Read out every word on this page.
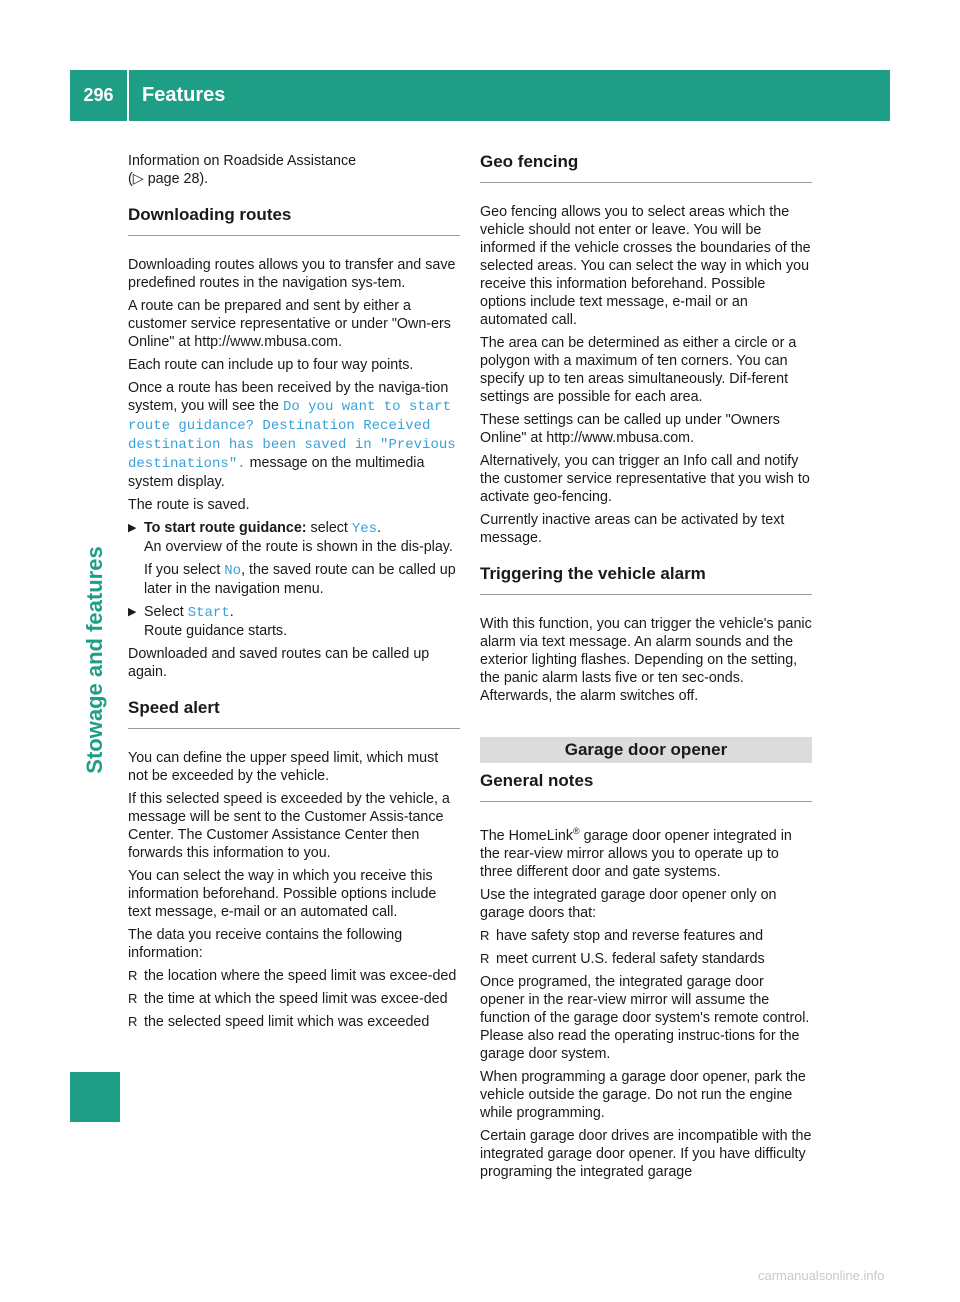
296	Features
Stowage and features

Information on Roadside Assistance

(▷ page 28).

Downloading routes

Downloading routes allows you to transfer and save predefined routes in the navigation sys-tem.

A route can be prepared and sent by either a customer service representative or under "Own-ers Online" at http://www.mbusa.com.

Each route can include up to four way points.

Once a route has been received by the naviga-tion system, you will see the Do you want to start route guidance? Destination Received destination has been saved in "Previous destinations". message on the multimedia system display.

The route is saved.

▶ To start route guidance: select Yes.
An overview of the route is shown in the dis-play.
If you select No, the saved route can be called up later in the navigation menu.
▶ Select Start.
Route guidance starts.

Downloaded and saved routes can be called up again.

Speed alert

You can define the upper speed limit, which must not be exceeded by the vehicle.

If this selected speed is exceeded by the vehicle, a message will be sent to the Customer Assis-tance Center. The Customer Assistance Center then forwards this information to you.

You can select the way in which you receive this information beforehand. Possible options include text message, e-mail or an automated call.

The data you receive contains the following information:

R the location where the speed limit was excee-ded
R the time at which the speed limit was excee-ded
R the selected speed limit which was exceeded
Geo fencing

Geo fencing allows you to select areas which the vehicle should not enter or leave. You will be informed if the vehicle crosses the boundaries of the selected areas. You can select the way in which you receive this information beforehand. Possible options include text message, e-mail or an automated call.

The area can be determined as either a circle or a polygon with a maximum of ten corners. You can specify up to ten areas simultaneously. Dif-ferent settings are possible for each area.

These settings can be called up under "Owners Online" at http://www.mbusa.com.

Alternatively, you can trigger an Info call and notify the customer service representative that you wish to activate geo-fencing.

Currently inactive areas can be activated by text message.

Triggering the vehicle alarm

With this function, you can trigger the vehicle's panic alarm via text message. An alarm sounds and the exterior lighting flashes. Depending on the setting, the panic alarm lasts five or ten sec-onds. Afterwards, the alarm switches off.

Garage door opener
General notes

The HomeLink® garage door opener integrated in the rear-view mirror allows you to operate up to three different door and gate systems.

Use the integrated garage door opener only on garage doors that:

R have safety stop and reverse features and
R meet current U.S. federal safety standards

Once programed, the integrated garage door opener in the rear-view mirror will assume the function of the garage door system's remote control. Please also read the operating instruc-tions for the garage door system.

When programming a garage door opener, park the vehicle outside the garage. Do not run the engine while programming.

Certain garage door drives are incompatible with the integrated garage door opener. If you have difficulty programing the integrated garage

carmanualsonline.info
